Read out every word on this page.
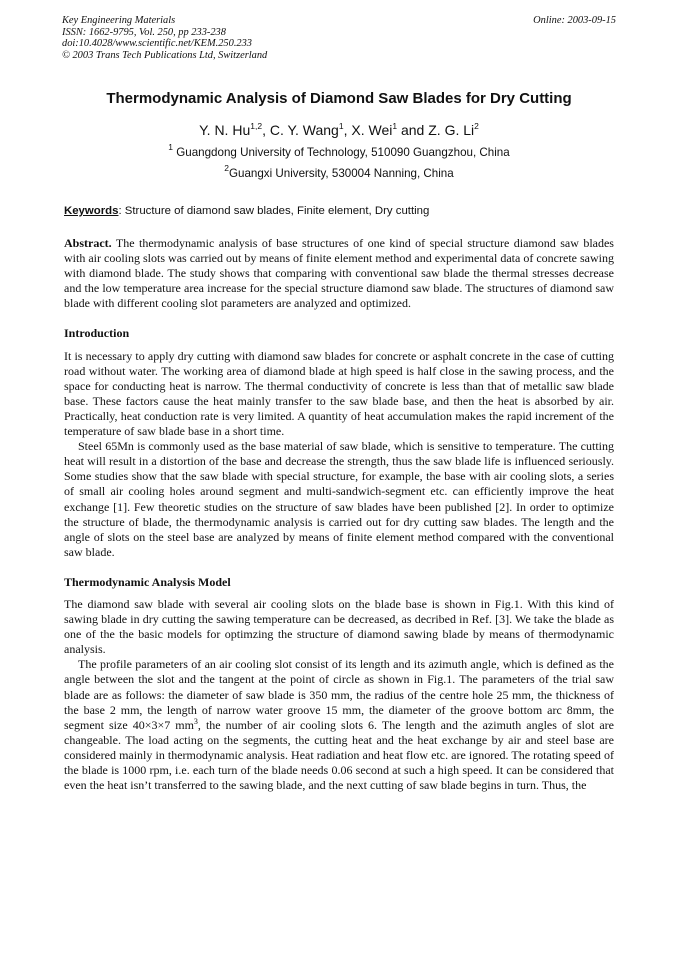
Key Engineering Materials
ISSN: 1662-9795, Vol. 250, pp 233-238
doi:10.4028/www.scientific.net/KEM.250.233
© 2003 Trans Tech Publications Ltd, Switzerland
Online: 2003-09-15
Thermodynamic Analysis of Diamond Saw Blades for Dry Cutting
Y. N. Hu$^{1,2}$, C. Y. Wang$^1$, X. Wei$^1$ and Z. G. Li$^2$
$^1$ Guangdong University of Technology, 510090 Guangzhou, China
$^2$Guangxi University, 530004 Nanning, China
Keywords: Structure of diamond saw blades, Finite element, Dry cutting

Abstract. The thermodynamic analysis of base structures of one kind of special structure diamond saw blades with air cooling slots was carried out by means of finite element method and experimental data of concrete sawing with diamond blade. The study shows that comparing with conventional saw blade the thermal stresses decrease and the low temperature area increase for the special structure diamond saw blade. The structures of diamond saw blade with different cooling slot parameters are analyzed and optimized.

Introduction

It is necessary to apply dry cutting with diamond saw blades for concrete or asphalt concrete in the case of cutting road without water. The working area of diamond blade at high speed is half close in the sawing process, and the space for conducting heat is narrow. The thermal conductivity of concrete is less than that of metallic saw blade base. These factors cause the heat mainly transfer to the saw blade base, and then the heat is absorbed by air. Practically, heat conduction rate is very limited. A quantity of heat accumulation makes the rapid increment of the temperature of saw blade base in a short time.

Steel 65Mn is commonly used as the base material of saw blade, which is sensitive to temperature. The cutting heat will result in a distortion of the base and decrease the strength, thus the saw blade life is influenced seriously. Some studies show that the saw blade with special structure, for example, the base with air cooling slots, a series of small air cooling holes around segment and multi-sandwich-segment etc. can efficiently improve the heat exchange [1]. Few theoretic studies on the structure of saw blades have been published [2]. In order to optimize the structure of blade, the thermodynamic analysis is carried out for dry cutting saw blades. The length and the angle of slots on the steel base are analyzed by means of finite element method compared with the conventional saw blade.

Thermodynamic Analysis Model

The diamond saw blade with several air cooling slots on the blade base is shown in Fig.1. With this kind of sawing blade in dry cutting the sawing temperature can be decreased, as decribed in Ref. [3]. We take the blade as one of the the basic models for optimzing the structure of diamond sawing blade by means of thermodynamic analysis.

The profile parameters of an air cooling slot consist of its length and its azimuth angle, which is defined as the angle between the slot and the tangent at the point of circle as shown in Fig.1. The parameters of the trial saw blade are as follows: the diameter of saw blade is 350 mm, the radius of the centre hole 25 mm, the thickness of the base 2 mm, the length of narrow water groove 15 mm, the diameter of the groove bottom arc 8mm, the segment size 40×3×7 $mm^3$, the number of air cooling slots 6. The length and the azimuth angles of slot are changeable. The load acting on the segments, the cutting heat and the heat exchange by air and steel base are considered mainly in thermodynamic analysis. Heat radiation and heat flow etc. are ignored. The rotating speed of the blade is 1000 rpm, i.e. each turn of the blade needs 0.06 second at such a high speed. It can be considered that even the heat isn’t transferred to the sawing blade, and the next cutting of saw blade begins in turn. Thus, the
